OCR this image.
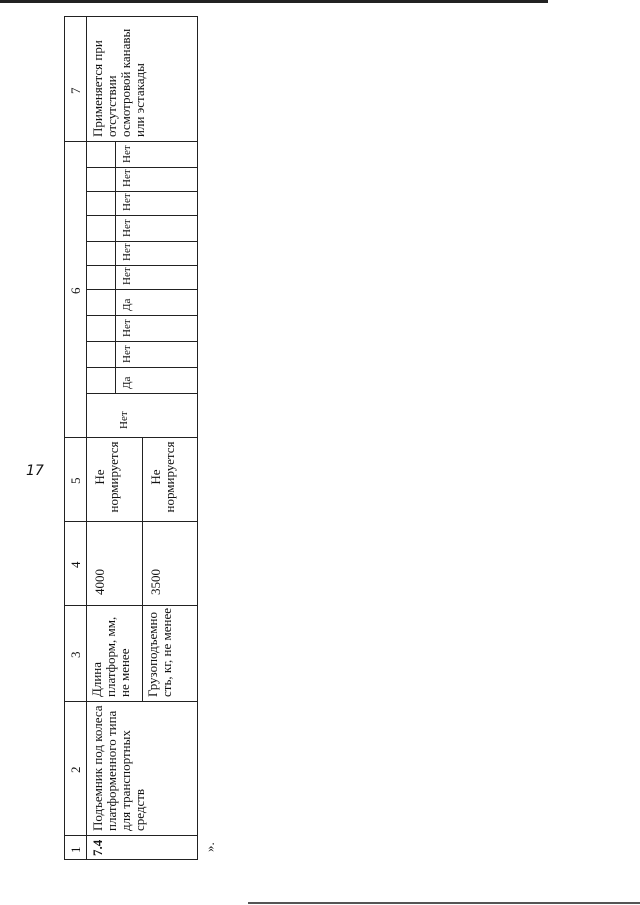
17
1
2
3
4
5
6
7
7.4
Подъемник под колеса платформенного типа для транспортных средств
Длина платформ, мм, не менее Грузоподъемность, кг, не менее
4000	3500
Не нормируется Не нормируется
Нет
Да
Нет
Нет
Да
Нет
Нет
Нет
Нет
Нет
Нет
Применяется при отсутствии осмотровой канавы или эстакады
».
